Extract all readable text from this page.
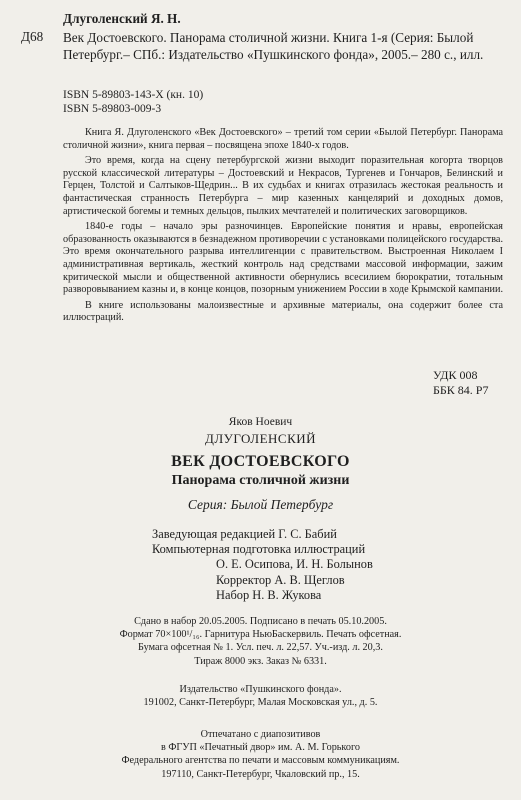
Длуголенский Я. Н.
Век Достоевского. Панорама столичной жизни. Книга 1-я (Серия: Былой Петербург.– СПб.: Издательство «Пушкинского фонда», 2005.– 280 с., илл.
Д68
ISBN 5-89803-143-X (кн. 10)
ISBN 5-89803-009-3

Книга Я. Длуголенского «Век Достоевского» – третий том серии «Былой Петербург. Панорама столичной жизни», книга первая – посвящена эпохе 1840-х годов.

Это время, когда на сцену петербургской жизни выходит поразительная когорта творцов русской классической литературы – Достоевский и Некрасов, Тургенев и Гончаров, Белинский и Герцен, Толстой и Салтыков-Щедрин... В их судьбах и книгах отразилась жестокая реальность и фантастическая странность Петербурга – мир казенных канцелярий и доходных домов, артистической богемы и темных дельцов, пылких мечтателей и политических заговорщиков.

1840-е годы – начало эры разночинцев. Европейские понятия и нравы, европейская образованность оказываются в безнадежном противоречии с установками полицейского государства. Это время окончательного разрыва интеллигенции с правительством. Выстроенная Николаем I административная вертикаль, жесткий контроль над средствами массовой информации, зажим критической мысли и общественной активности обернулись всесилием бюрократии, тотальным разворовыванием казны и, в конце концов, позорным унижением России в ходе Крымской кампании.

В книге использованы малоизвестные и архивные материалы, она содержит более ста иллюстраций.

УДК 008
ББК 84. Р7
Яков Ноевич
ДЛУГОЛЕНСКИЙ
ВЕК ДОСТОЕВСКОГО
Панорама столичной жизни
Серия: Былой Петербург
Заведующая редакцией Г. С. Бабий
Компьютерная подготовка иллюстраций
О. Е. Осипова, И. Н. Болынов
Корректор А. В. Щеглов
Набор Н. В. Жукова
Сдано в набор 20.05.2005. Подписано в печать 05.10.2005.
Формат 70×100¹/₁₆. Гарнитура НьюБаскервиль. Печать офсетная.
Бумага офсетная № 1. Усл. печ. л. 22,57. Уч.-изд. л. 20,3.
Тираж 8000 экз. Заказ № 6331.
Издательство «Пушкинского фонда».
191002, Санкт-Петербург, Малая Московская ул., д. 5.
Отпечатано с диапозитивов
в ФГУП «Печатный двор» им. А. М. Горького
Федерального агентства по печати и массовым коммуникациям.
197110, Санкт-Петербург, Чкаловский пр., 15.
